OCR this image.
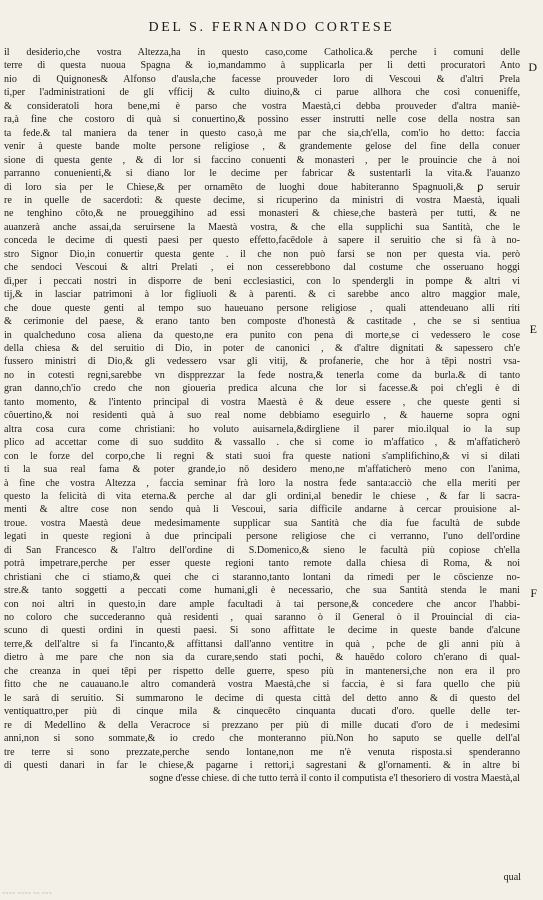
DEL S. FERNANDO CORTESE
D
E
F
il desiderio,che vostra Altezza,ha in questo caso,come Catholica.& perche i comuni delle
terre di questa nuoua Spagna & io,mandammo à supplicarla per li detti procuratori Anto
nio di Quignones& Alfonso d'ausla,che facesse prouveder loro di Vescoui & d'altri Prela
ti,per l'administrationi de gli vfficij & culto diuino,& ci parue allhora che così conueniffe,
& consideratoli hora bene,mi è parso che vostra Maestà,ci debba prouveder d'altra maniè-
ra,à fine che costoro di quà si conuertino,& possino esser instrutti nelle cose della nostra san
ta fede.& tal maniera da tener in questo caso,à me par che sia,ch'ella, com'io ho detto: faccia
venir à queste bande molte persone religiose , & grandemente gelose del fine della conuer
sione di questa gente , & di lor si faccino conuenti & monasteri , per le prouincie che à noi
parranno conuenienti,& si diano lor le decime per fabricar & sustentarli la vita.& l'auanzo
di loro sia per le Chiese,& per ornamēto de luoghi doue habiteranno Spagnuoli,& ꝑ seruir
re in quelle de sacerdoti: & queste decime, si ricuperino da ministri di vostra Maestà, iquali
ne tenghino cōto,& ne proueggihino ad essi monasteri & chiese,che basterà per tutti, & ne
auanzerà anche assai,da seruirsene la Maestà vostra, & che ella supplichi sua Santità, che le
conceda le decime di questi paesi per questo effetto,facēdole à sapere il seruitio che si fà à no-
stro Signor Dio,in conuertir questa gente . il che non può farsi se non per questa via. però
che sendoci Vescoui & altri Prelati , ei non cesserebbono dal costume che osseruano hoggi
dì,per i peccati nostri in disporre de beni ecclesiastici, con lo spendergli in pompe & altri vi
tij,& in lasciar patrimoni à lor figliuoli & à parenti. & ci sarebbe anco altro maggior male,
che doue queste genti al tempo suo haueuano persone religiose , quali attendeuano alli riti
& cerimonie del paese, & erano tanto ben composte d'honestà & castitade , che se si sentiua
in qualcheduno cosa aliena da questo,ne era punito con pena di morte,se ci vedessero le cose
della chiesa & del seruitio di Dio, in poter de canonici , & d'altre dignitati & sapessero ch'e
fussero ministri di Dio,& gli vedessero vsar gli vitij, & profanerie, che hor à tēpi nostri vsa-
no in cotesti regni,sarebbe vn dispprezzar la fede nostra,& tenerla come da burla.& di tanto
gran danno,ch'io credo che non giouerìa predica alcuna che lor si facesse.& poi ch'egli è di
tanto momento, & l'intento principal di vostra Maestà è & deue essere , che queste genti si
côuertino,& noi residenti quà à suo real nome debbiamo eseguirlo , & hauerne sopra ogni
altra cosa cura come christiani: ho voluto auisarnela,&dirgliene il parer mio.ilqual io la sup
plico ad accettar come di suo suddito & vassallo . che si come io m'affatico , & m'affaticherò
con le forze del corpo,che li regni & stati suoi fra queste nationi s'amplifichino,& vi si dilati
ti la sua real fama & poter grande,io nō desidero meno,ne m'affaticherò meno con l'anima,
à fine che vostra Altezza , faccia seminar frà loro la nostra fede santa:acciò che ella meriti per
questo la felicità di vita eterna.& perche al dar gli ordini,al benedir le chiese , & far li sacra-
menti & altre cose non sendo quà li Vescoui, saria difficile andarne à cercar prouisione al-
troue. vostra Maestà deue medesimamente supplicar sua Santità che dia fue facultà de subde
legati in queste regioni à due principali persone religiose che ci verranno, l'uno dell'ordine
di San Francesco & l'altro dell'ordine di S.Domenico,& sieno le facultà più copiose ch'ella
potrà impetrare,perche per esser queste regioni tanto remote dalla chiesa di Roma, & noi
christiani che ci stiamo,& quei che ci staranno,tanto lontani da rimedi per le cōscienze no-
stre.& tanto soggetti a peccati come humani,gli è necessario, che sua Santità stenda le mani
con noi altri in questo,in dare ample facultadi à tai persone,& concedere che ancor l'habbi-
no coloro che succederanno quà residenti , quai saranno ò il General ò il Prouincial di cia-
scuno di questi ordini in questi paesi. Si sono affittate le decime in queste bande d'alcune
terre,& dell'altre si fa l'incanto,& affittansi dall'anno ventitre in quà , pche de gli anni più à
dietro à me pare che non sia da curare,sendo stati pochi, & hauēdo coloro ch'erano di qual-
che creanza in quei tēpi per rispetto delle guerre, speso più in mantenersi,che non era il pro
fitto che ne cauauano.le altro comanderà vostra Maestà,che si faccia, è si fara quello che più
le sarà di seruitio. Si summarono le decime di questa città del detto anno & di questo del
ventiquattro,per più di cinque mila & cinquecēto cinquanta ducati d'oro. quelle delle ter-
re di Medellino & della Veracroce si prezzano per più di mille ducati d'oro de i medesimi
anni,non si sono sommate,& io credo che monteranno più.Non ho saputo se quelle dell'al
tre terre si sono prezzate,perche sendo lontane,non me n'è venuta risposta.si spenderanno
di questi danari in far le chiese,& pagarne i rettori,i sagrestani & gl'ornamenti. & in altre bi
sogne d'esse chiese. di che tutto terrà il conto il computista e'l thesoriero di vostra Maestà,al
qual
~~~~ ~~~~ ~~ ~~~
